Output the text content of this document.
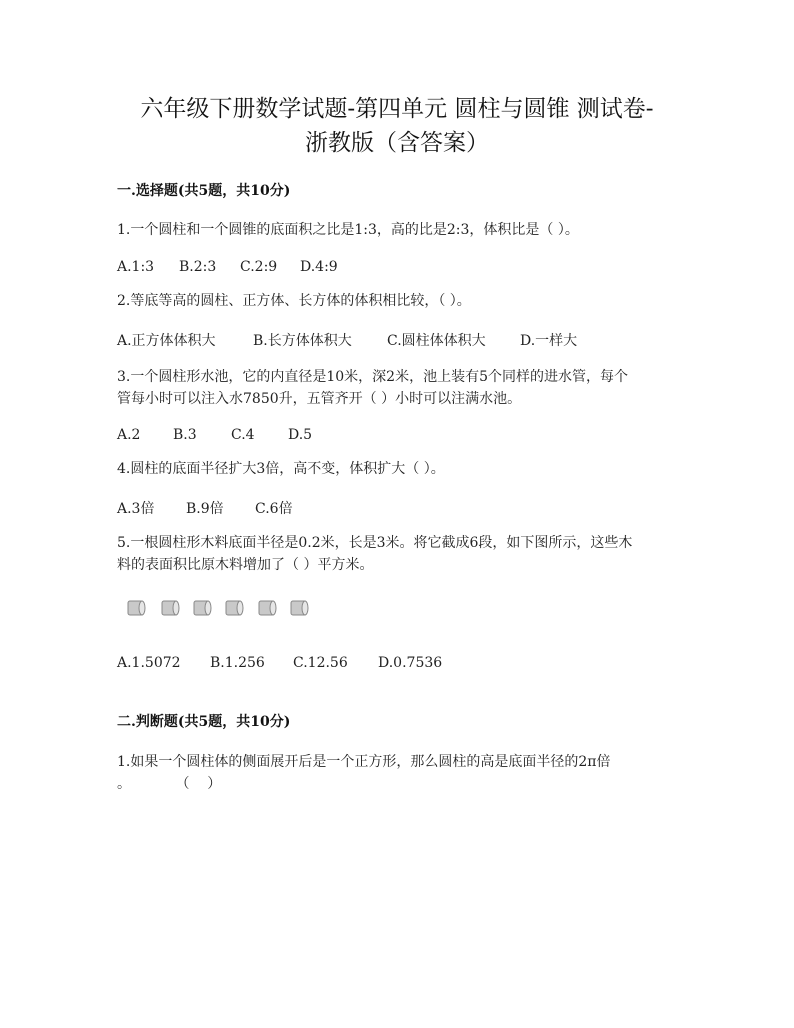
六年级下册数学试题-第四单元 圆柱与圆锥 测试卷-
浙教版（含答案）
一.选择题(共5题，共10分)
1.一个圆柱和一个圆锥的底面积之比是1:3，高的比是2:3，体积比是（ ）。
A.1:3 B.2:3 C.2:9 D.4:9
2.等底等高的圆柱、正方体、长方体的体积相比较，（ ）。
A.正方体体积大	B.长方体体积大	C.圆柱体体积大 D.一样大
3.一个圆柱形水池，它的内直径是10米，深2米，池上装有5个同样的进水管，每个
管每小时可以注入水7850升，五管齐开（ ）小时可以注满水池。
A.2 B.3 C.4 D.5
4.圆柱的底面半径扩大3倍，高不变，体积扩大（ ）。
A.3倍 B.9倍 C.6倍
5.一根圆柱形木料底面半径是0.2米，长是3米。将它截成6段，如下图所示，这些木
料的表面积比原木料增加了（ ）平方米。
A.1.5072 B.1.256 C.12.56 D.0.7536
二.判断题(共5题，共10分)
1.如果一个圆柱体的侧面展开后是一个正方形，那么圆柱的高是底面半径的2π倍
。          （    ）
